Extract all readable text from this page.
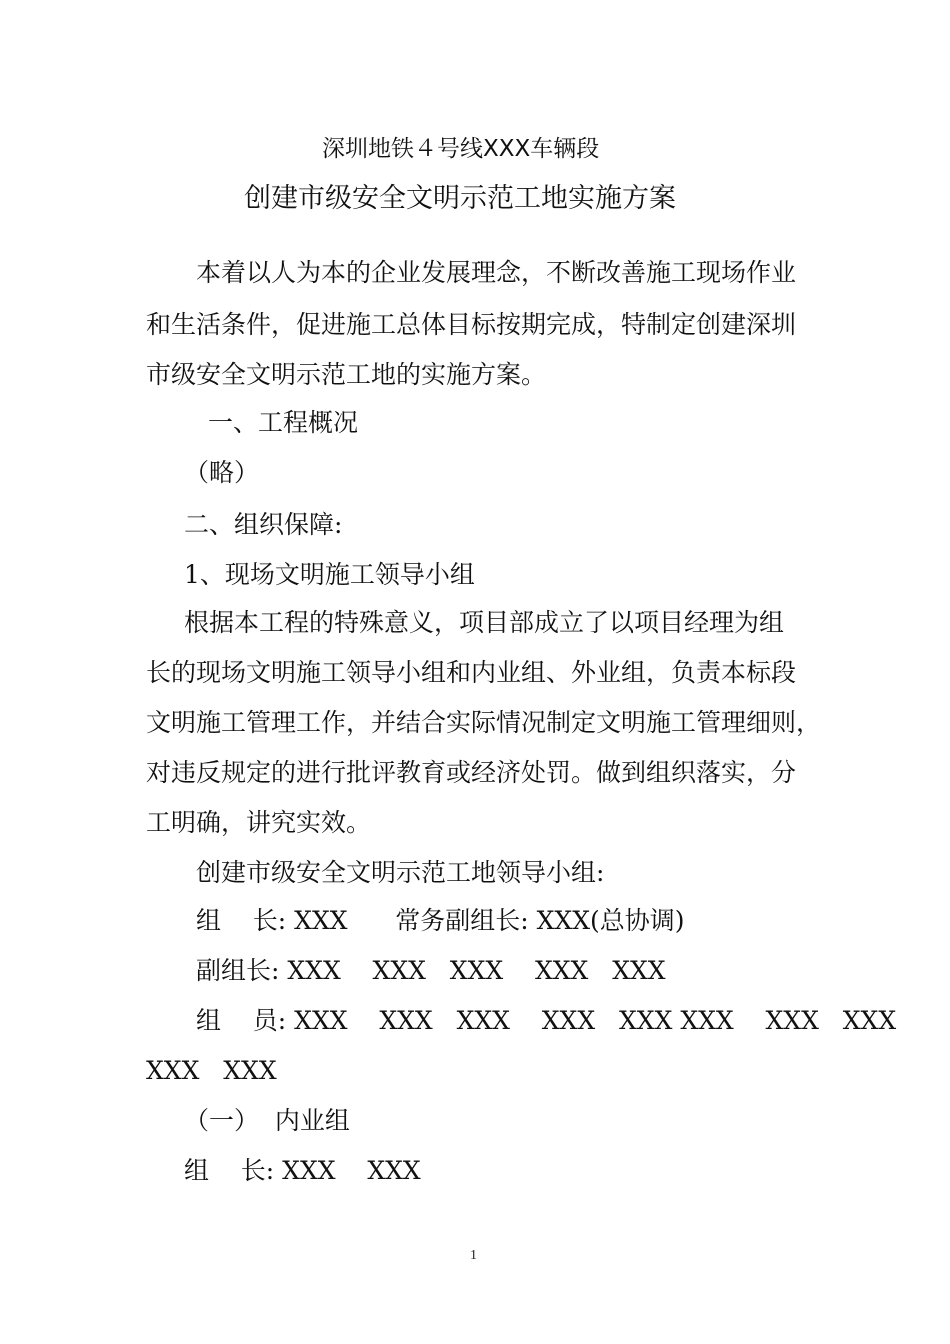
深圳地铁４号线XXX车辆段
创建市级安全文明示范工地实施方案
本着以人为本的企业发展理念，不断改善施工现场作业
和生活条件，促进施工总体目标按期完成，特制定创建深圳
市级安全文明示范工地的实施方案。
一、工程概况
（略）
二、组织保障:
1、现场文明施工领导小组
根据本工程的特殊意义，项目部成立了以项目经理为组
长的现场文明施工领导小组和内业组、外业组，负责本标段
文明施工管理工作，并结合实际情况制定文明施工管理细则，
对违反规定的进行批评教育或经济处罚。做到组织落实，分
工明确，讲究实效。
创建市级安全文明示范工地领导小组:
组    长: XXX      常务副组长: XXX(总协调)
副组长: XXX    XXX   XXX    XXX   XXX
组    员: XXX    XXX   XXX    XXX   XXX XXX    XXX   XXX
XXX   XXX
（一）  内业组
组    长: XXX    XXX
1
